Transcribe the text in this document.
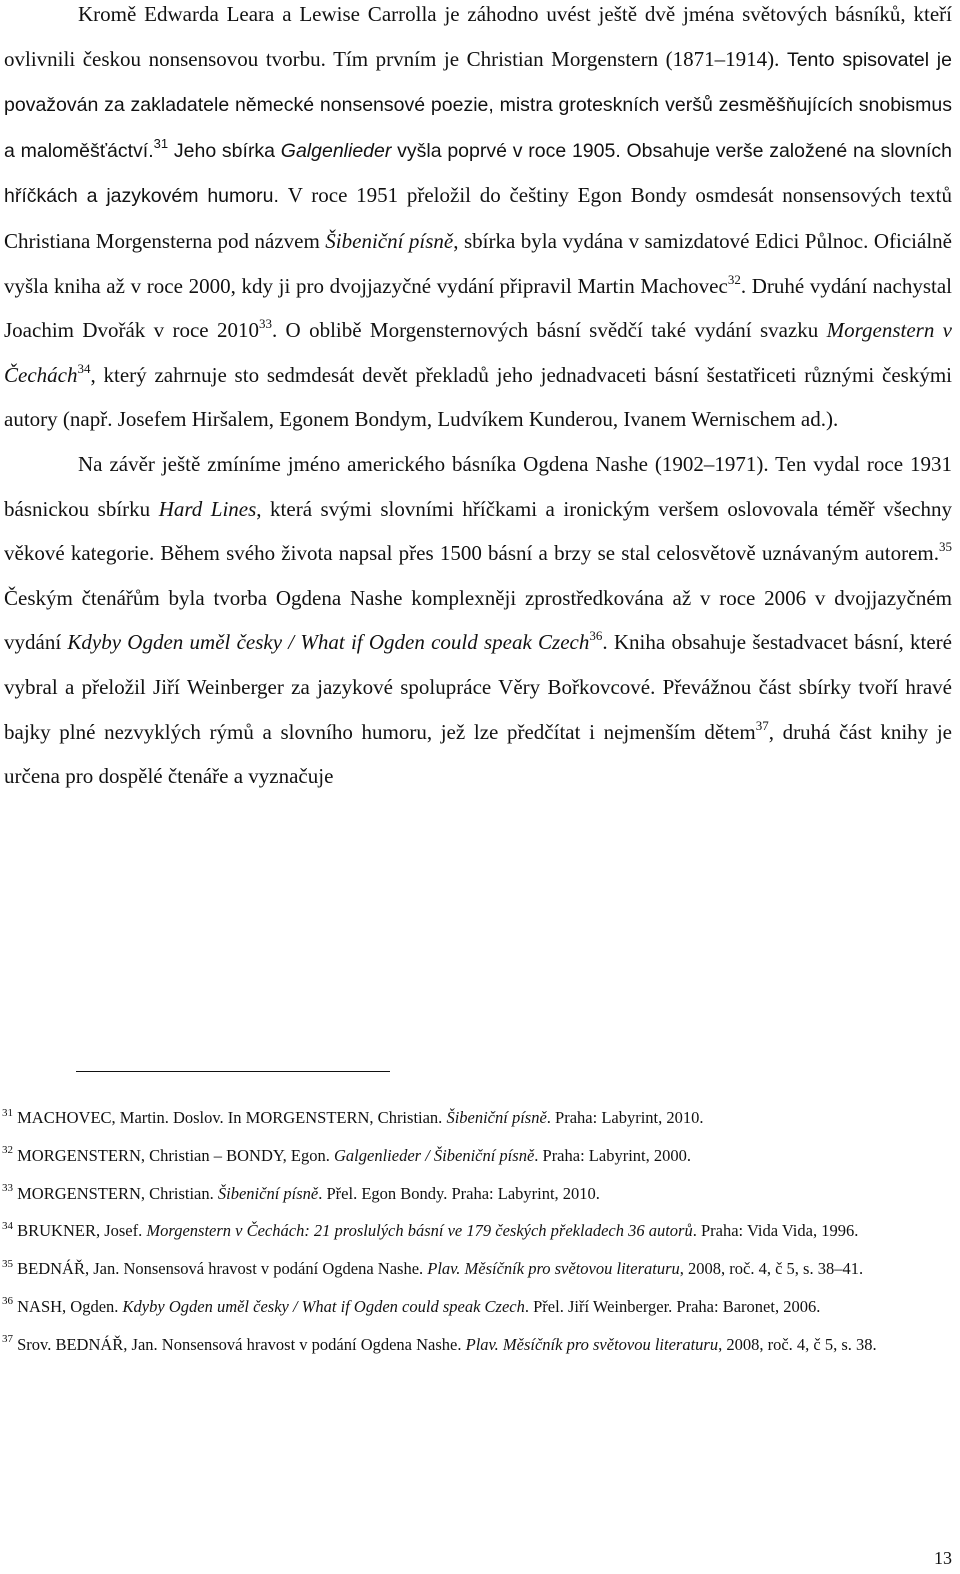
Kromě Edwarda Leara a Lewise Carrolla je záhodno uvést ještě dvě jména světových básníků, kteří ovlivnili českou nonsensovou tvorbu. Tím prvním je Christian Morgenstern (1871–1914). Tento spisovatel je považován za zakladatele německé nonsensové poezie, mistra groteskních veršů zesměšňujících snobismus a maloměšťáctví.$^{31}$ Jeho sbírka Galgenlieder vyšla poprvé v roce 1905. Obsahuje verše založené na slovních hříčkách a jazykovém humoru. V roce 1951 přeložil do češtiny Egon Bondy osmdesát nonsensových textů Christiana Morgensterna pod názvem Šibeniční písně, sbírka byla vydána v samizdatové Edici Půlnoc. Oficiálně vyšla kniha až v roce 2000, kdy ji pro dvojjazyčné vydání připravil Martin Machovec$^{32}$. Druhé vydání nachystal Joachim Dvořák v roce 2010$^{33}$. O oblibě Morgensternových básní svědčí také vydání svazku Morgenstern v Čechách$^{34}$, který zahrnuje sto sedmdesát devět překladů jeho jednadvaceti básní šestatřiceti různými českými autory (např. Josefem Hiršalem, Egonem Bondym, Ludvíkem Kunderou, Ivanem Wernischem ad.).

Na závěr ještě zmíníme jméno amerického básníka Ogdena Nashe (1902–1971). Ten vydal roce 1931 básnickou sbírku Hard Lines, která svými slovními hříčkami a ironickým veršem oslovovala téměř všechny věkové kategorie. Během svého života napsal přes 1500 básní a brzy se stal celosvětově uznávaným autorem.$^{35}$ Českým čtenářům byla tvorba Ogdena Nashe komplexněji zprostředkována až v roce 2006 v dvojjazyčném vydání Kdyby Ogden uměl česky / What if Ogden could speak Czech$^{36}$. Kniha obsahuje šestadvacet básní, které vybral a přeložil Jiří Weinberger za jazykové spolupráce Věry Bořkovcové. Převážnou část sbírky tvoří hravé bajky plné nezvyklých rýmů a slovního humoru, jež lze předčítat i nejmenším dětem$^{37}$, druhá část knihy je určena pro dospělé čtenáře a vyznačuje

$^{31}$ MACHOVEC, Martin. Doslov. In MORGENSTERN, Christian. Šibeniční písně. Praha: Labyrint, 2010.

$^{32}$ MORGENSTERN, Christian – BONDY, Egon. Galgenlieder / Šibeniční písně. Praha: Labyrint, 2000.

$^{33}$ MORGENSTERN, Christian. Šibeniční písně. Přel. Egon Bondy. Praha: Labyrint, 2010.

$^{34}$ BRUKNER, Josef. Morgenstern v Čechách: 21 proslulých básní ve 179 českých překladech 36 autorů. Praha: Vida Vida, 1996.

$^{35}$ BEDNÁŘ, Jan. Nonsensová hravost v podání Ogdena Nashe. Plav. Měsíčník pro světovou literaturu, 2008, roč. 4, č 5, s. 38–41.

$^{36}$ NASH, Ogden. Kdyby Ogden uměl česky / What if Ogden could speak Czech. Přel. Jiří Weinberger. Praha: Baronet, 2006.

$^{37}$ Srov. BEDNÁŘ, Jan. Nonsensová hravost v podání Ogdena Nashe. Plav. Měsíčník pro světovou literaturu, 2008, roč. 4, č 5, s. 38.

13
